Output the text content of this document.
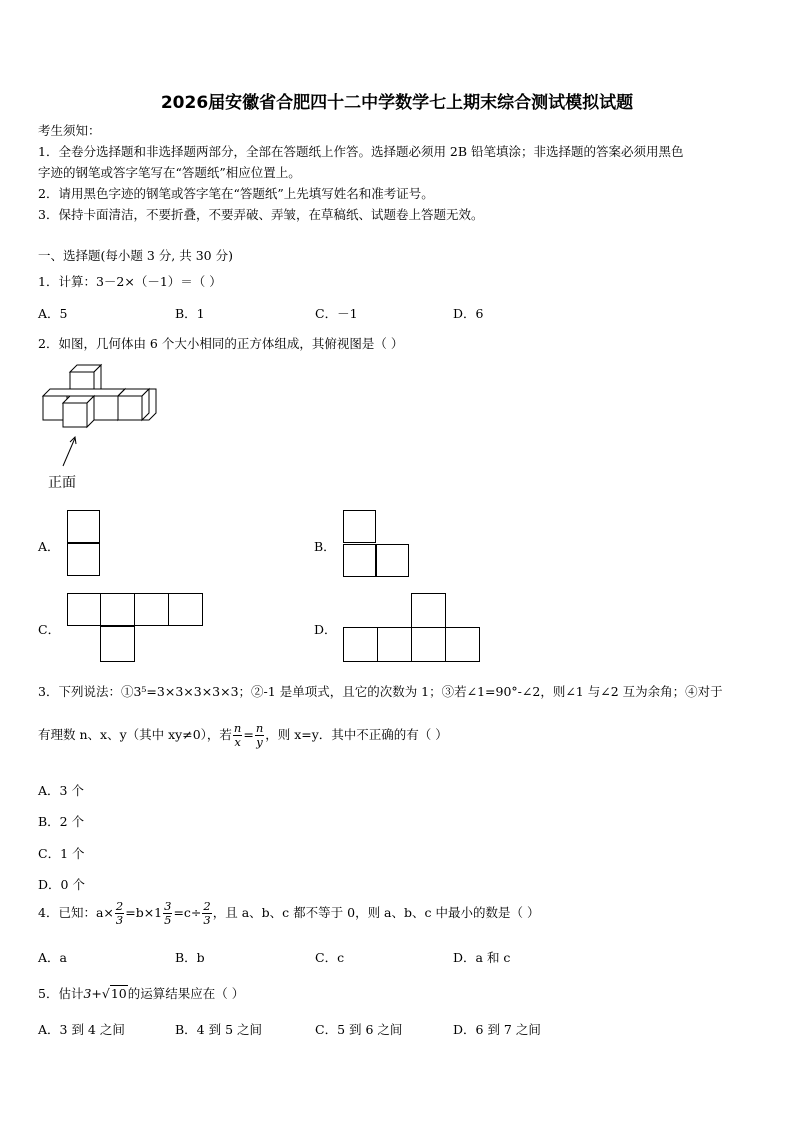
2026届安徽省合肥四十二中学数学七上期末综合测试模拟试题
考生须知：
1．全卷分选择题和非选择题两部分，全部在答题纸上作答。选择题必须用 2B 铅笔填涂；非选择题的答案必须用黑色
字迹的钢笔或答字笔写在“答题纸”相应位置上。
2．请用黑色字迹的钢笔或答字笔在“答题纸”上先填写姓名和准考证号。
3．保持卡面清洁，不要折叠，不要弄破、弄皱，在草稿纸、试题卷上答题无效。
一、选择题(每小题 3 分, 共 30 分)
1．计算：3－2×（－1）＝（ ）
A．5	B．1	C．－1	D．6
2．如图，几何体由 6 个大小相同的正方体组成，其俯视图是（ ）
正面
A．	B．
C．	D．
3．下列说法：①3⁵=3×3×3×3×3；②-1 是单项式，且它的次数为 1；③若∠1=90°-∠2，则∠1 与∠2 互为余角；④对于
有理数 n、x、y（其中 xy≠0），若 $\frac{n}{x} = \frac{n}{y}$ ，则 x=y．其中不正确的有（ ）
A．3 个
B．2 个
C．1 个
D．0 个
4．已知：$a\times \frac{2}{3} =b\times 1 \frac{3}{5} =c\div \frac{2}{3}$ ，且 a、b、c 都不等于 0，则 a、b、c 中最小的数是（ ）
A．a	B．b	C．c	D．a 和 c
5．估计3+√10的运算结果应在（ ）
A．3 到 4 之间	B．4 到 5 之间	C．5 到 6 之间	D．6 到 7 之间
